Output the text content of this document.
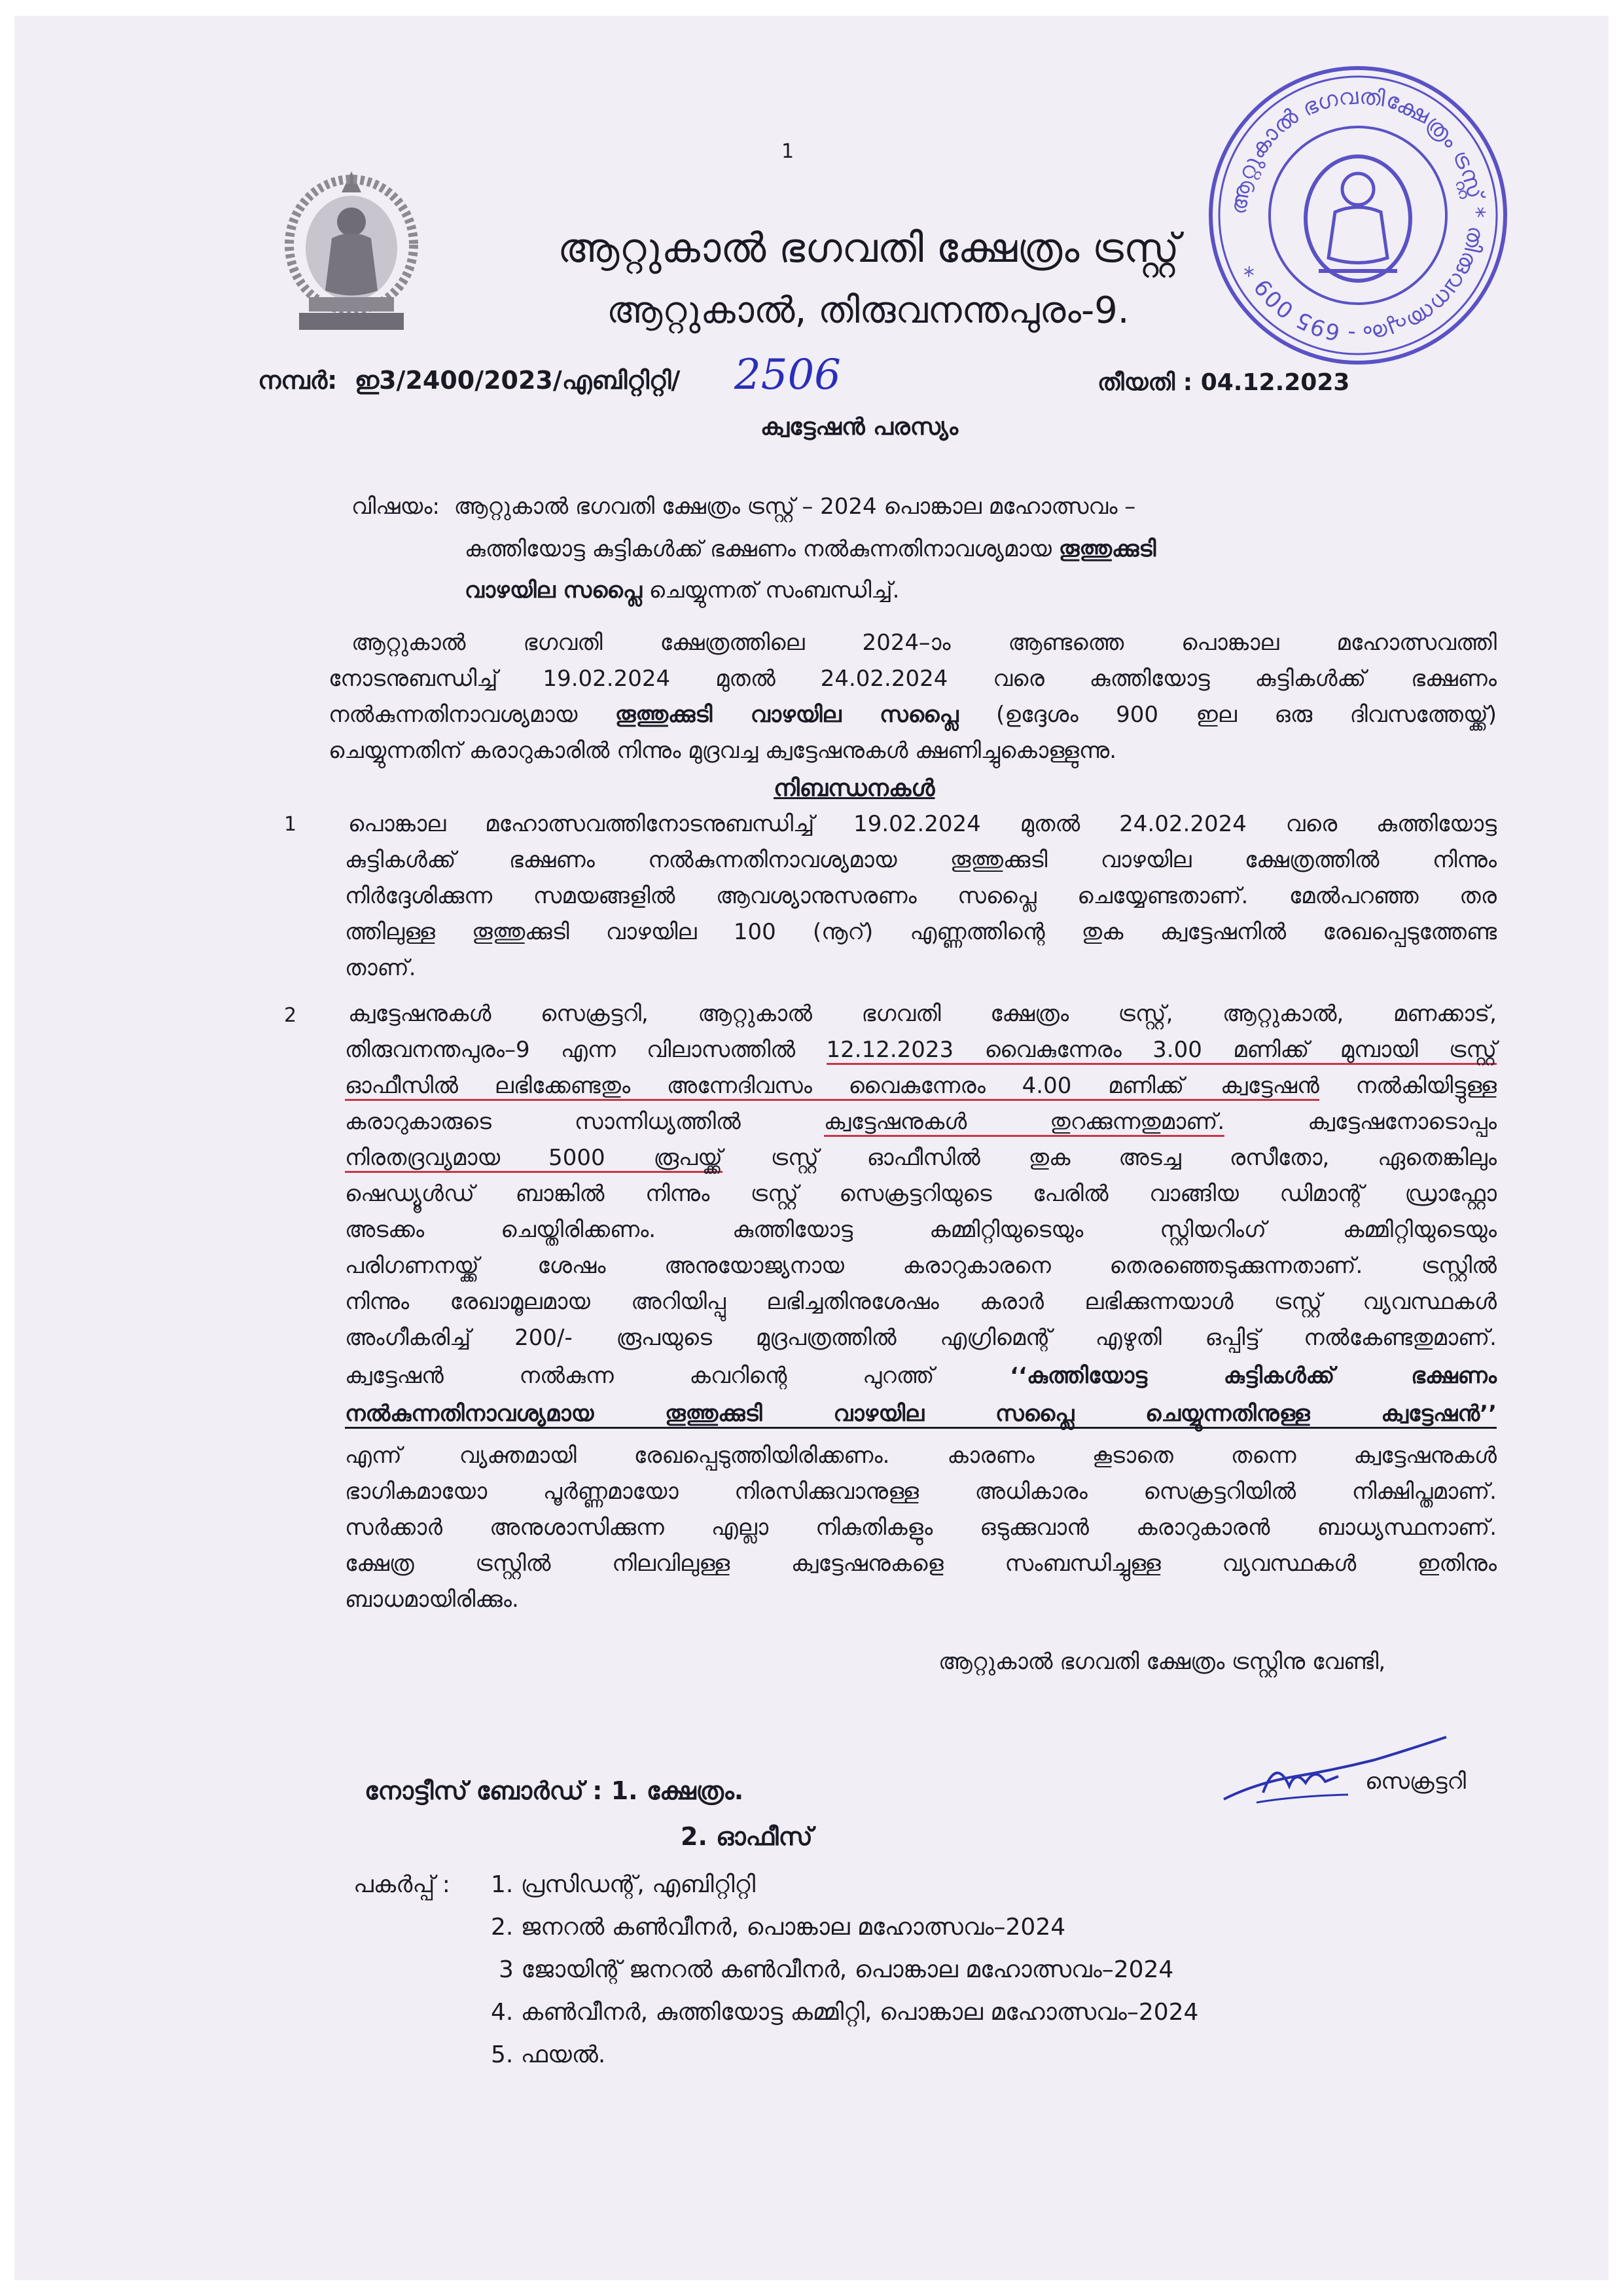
1
ആറ്റുകാൽ ഭഗവതിക്ഷേത്രം ട്രസ്റ്റ് * തിരുവനന്തപുരം - 695 009 *
ആറ്റുകാൽ ഭഗവതി ക്ഷേത്രം ട്രസ്റ്റ്
ആറ്റുകാൽ, തിരുവനന്തപുരം-9.
നമ്പർ: ഇ3/2400/2023/എബിറ്റിറ്റി/ 2506	തീയതി : 04.12.2023
ക്വട്ടേഷൻ പരസ്യം
വിഷയം: ആറ്റുകാൽ ഭഗവതി ക്ഷേത്രം ട്രസ്റ്റ് – 2024 പൊങ്കാല മഹോത്സവം –
കുത്തിയോട്ട കുട്ടികൾക്ക് ഭക്ഷണം നൽകുന്നതിനാവശ്യമായ തൂത്തുക്കുടി
വാഴയില സപ്ലൈ ചെയ്യുന്നത് സംബന്ധിച്ച്.
ആറ്റുകാൽ ഭഗവതി ക്ഷേത്രത്തിലെ 2024–ാം ആണ്ടത്തെ പൊങ്കാല മഹോത്സവത്തി
നോടനുബന്ധിച്ച് 19.02.2024 മുതൽ 24.02.2024 വരെ കുത്തിയോട്ട കുട്ടികൾക്ക് ഭക്ഷണം
നൽകുന്നതിനാവശ്യമായ തൂത്തുക്കുടി വാഴയില സപ്ലൈ (ഉദ്ദേശം 900 ഇല ഒരു ദിവസത്തേയ്ക്ക്)
ചെയ്യുന്നതിന് കരാറുകാരിൽ നിന്നും മുദ്രവച്ച ക്വട്ടേഷനുകൾ ക്ഷണിച്ചുകൊള്ളുന്നു.
നിബന്ധനകൾ
1 പൊങ്കാല മഹോത്സവത്തിനോടനുബന്ധിച്ച് 19.02.2024 മുതൽ 24.02.2024 വരെ കുത്തിയോട്ട
കുട്ടികൾക്ക് ഭക്ഷണം നൽകുന്നതിനാവശ്യമായ തൂത്തുക്കുടി വാഴയില ക്ഷേത്രത്തിൽ നിന്നും
നിർദ്ദേശിക്കുന്ന സമയങ്ങളിൽ ആവശ്യാനുസരണം സപ്ലൈ ചെയ്യേണ്ടതാണ്. മേൽപറഞ്ഞ തര
ത്തിലുള്ള തൂത്തുക്കുടി വാഴയില 100 (നൂറ്) എണ്ണത്തിന്റെ തുക ക്വട്ടേഷനിൽ രേഖപ്പെടുത്തേണ്ട
താണ്.
2 ക്വട്ടേഷനുകൾ സെക്രട്ടറി, ആറ്റുകാൽ ഭഗവതി ക്ഷേത്രം ട്രസ്റ്റ്, ആറ്റുകാൽ, മണക്കാട്,
തിരുവനന്തപുരം–9 എന്ന വിലാസത്തിൽ 12.12.2023 വൈകുന്നേരം 3.00 മണിക്ക് മുമ്പായി ട്രസ്റ്റ്
ഓഫീസിൽ ലഭിക്കേണ്ടതും അന്നേദിവസം വൈകുന്നേരം 4.00 മണിക്ക് ക്വട്ടേഷൻ നൽകിയിട്ടുള്ള
കരാറുകാരുടെ സാന്നിധ്യത്തിൽ ക്വട്ടേഷനുകൾ തുറക്കുന്നതുമാണ്. ക്വട്ടേഷനോടൊപ്പം
നിരതദ്രവ്യമായ 5000 രൂപയ്ക്ക് ട്രസ്റ്റ് ഓഫീസിൽ തുക അടച്ച രസീതോ, ഏതെങ്കിലും
ഷെഡ്യൂൾഡ് ബാങ്കിൽ നിന്നും ട്രസ്റ്റ് സെക്രട്ടറിയുടെ പേരിൽ വാങ്ങിയ ഡിമാന്റ് ഡ്രാഫ്റ്റോ
അടക്കം ചെയ്തിരിക്കണം. കുത്തിയോട്ട കമ്മിറ്റിയുടെയും സ്റ്റിയറിംഗ് കമ്മിറ്റിയുടെയും
പരിഗണനയ്ക്ക് ശേഷം അനുയോജ്യനായ കരാറുകാരനെ തെരഞ്ഞെടുക്കുന്നതാണ്. ട്രസ്റ്റിൽ
നിന്നും രേഖാമൂലമായ അറിയിപ്പു ലഭിച്ചതിനുശേഷം കരാർ ലഭിക്കുന്നയാൾ ട്രസ്റ്റ് വ്യവസ്ഥകൾ
അംഗീകരിച്ച് 200/- രൂപയുടെ മുദ്രപത്രത്തിൽ എഗ്രിമെന്റ് എഴുതി ഒപ്പിട്ട് നൽകേണ്ടതുമാണ്.
ക്വട്ടേഷൻ നൽകുന്ന കവറിന്റെ പുറത്ത് ‘‘കുത്തിയോട്ട കുട്ടികൾക്ക് ഭക്ഷണം
നൽകുന്നതിനാവശ്യമായ തൂത്തുക്കുടി വാഴയില സപ്ലൈ ചെയ്യുന്നതിനുള്ള ക്വട്ടേഷൻ’’
എന്ന് വ്യക്തമായി രേഖപ്പെടുത്തിയിരിക്കണം. കാരണം കൂടാതെ തന്നെ ക്വട്ടേഷനുകൾ
ഭാഗികമായോ പൂർണ്ണമായോ നിരസിക്കുവാനുള്ള അധികാരം സെക്രട്ടറിയിൽ നിക്ഷിപ്തമാണ്.
സർക്കാർ അനുശാസിക്കുന്ന എല്ലാ നികുതികളും ഒടുക്കുവാൻ കരാറുകാരൻ ബാധ്യസ്ഥനാണ്.
ക്ഷേത്ര ട്രസ്റ്റിൽ നിലവിലുള്ള ക്വട്ടേഷനുകളെ സംബന്ധിച്ചുള്ള വ്യവസ്ഥകൾ ഇതിനും
ബാധമായിരിക്കും.
ആറ്റുകാൽ ഭഗവതി ക്ഷേത്രം ട്രസ്റ്റിനു വേണ്ടി,
സെക്രട്ടറി
നോട്ടീസ് ബോർഡ് : 1. ക്ഷേത്രം.
2. ഓഫീസ്
പകർപ്പ് : 1. പ്രസിഡന്റ്, എബിറ്റിറ്റി
2. ജനറൽ കൺവീനർ, പൊങ്കാല മഹോത്സവം–2024
3 ജോയിന്റ് ജനറൽ കൺവീനർ, പൊങ്കാല മഹോത്സവം–2024
4. കൺവീനർ, കുത്തിയോട്ട കമ്മിറ്റി, പൊങ്കാല മഹോത്സവം–2024
5. ഫയൽ.
